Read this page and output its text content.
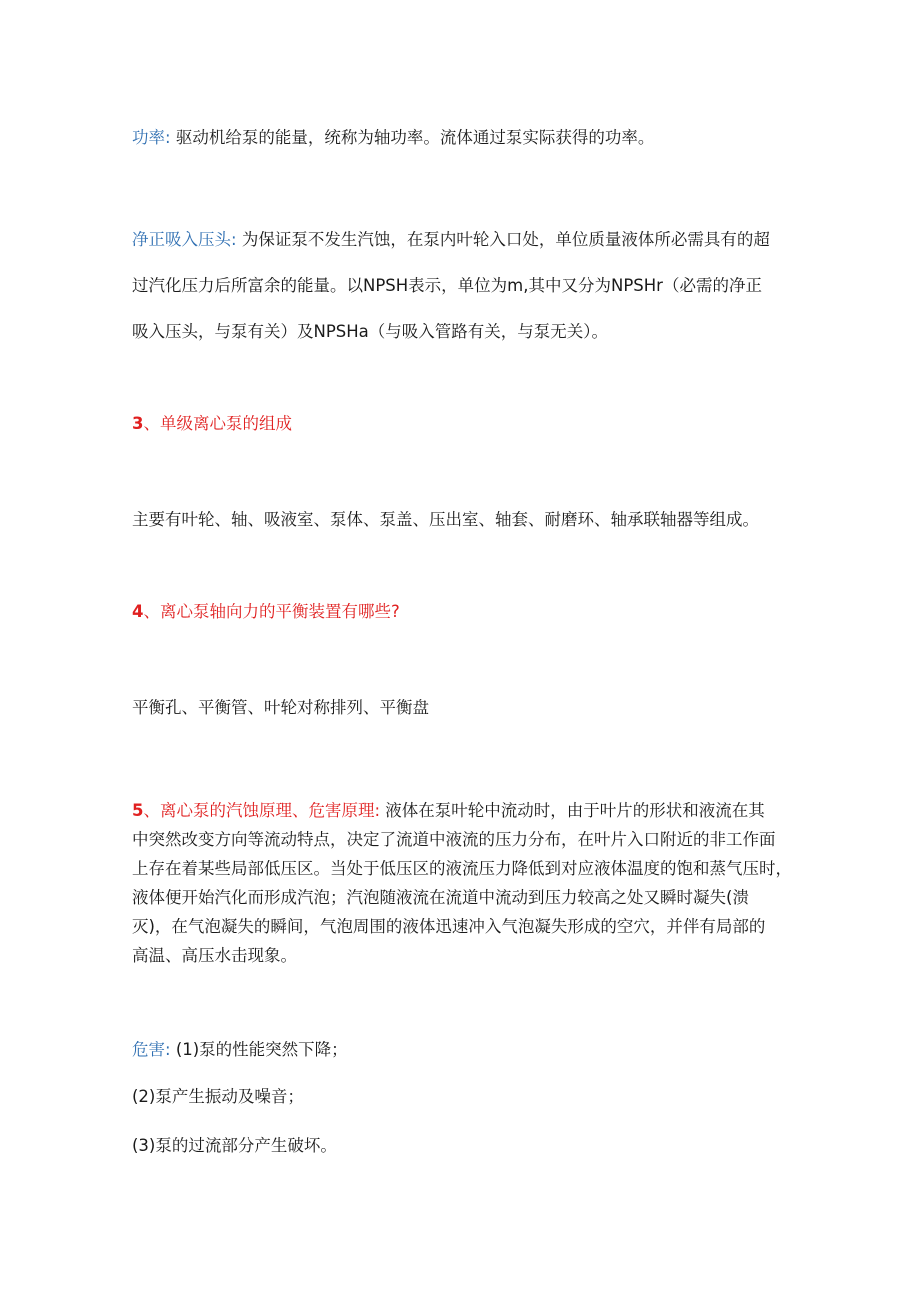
功率: 驱动机给泵的能量，统称为轴功率。流体通过泵实际获得的功率。

净正吸入压头: 为保证泵不发生汽蚀，在泵内叶轮入口处，单位质量液体所必需具有的超
过汽化压力后所富余的能量。以NPSH表示，单位为m,其中又分为NPSHr（必需的净正
吸入压头，与泵有关）及NPSHa（与吸入管路有关，与泵无关）。

3、单级离心泵的组成

主要有叶轮、轴、吸液室、泵体、泵盖、压出室、轴套、耐磨环、轴承联轴器等组成。

4、离心泵轴向力的平衡装置有哪些?

平衡孔、平衡管、叶轮对称排列、平衡盘

5、离心泵的汽蚀原理、危害原理: 液体在泵叶轮中流动时，由于叶片的形状和液流在其
中突然改变方向等流动特点，决定了流道中液流的压力分布，在叶片入口附近的非工作面
上存在着某些局部低压区。当处于低压区的液流压力降低到对应液体温度的饱和蒸气压时，
液体便开始汽化而形成汽泡；汽泡随液流在流道中流动到压力较高之处又瞬时凝失(溃
灭)，在气泡凝失的瞬间，气泡周围的液体迅速冲入气泡凝失形成的空穴，并伴有局部的
高温、高压水击现象。

危害: (1)泵的性能突然下降；

(2)泵产生振动及噪音；

(3)泵的过流部分产生破坏。
